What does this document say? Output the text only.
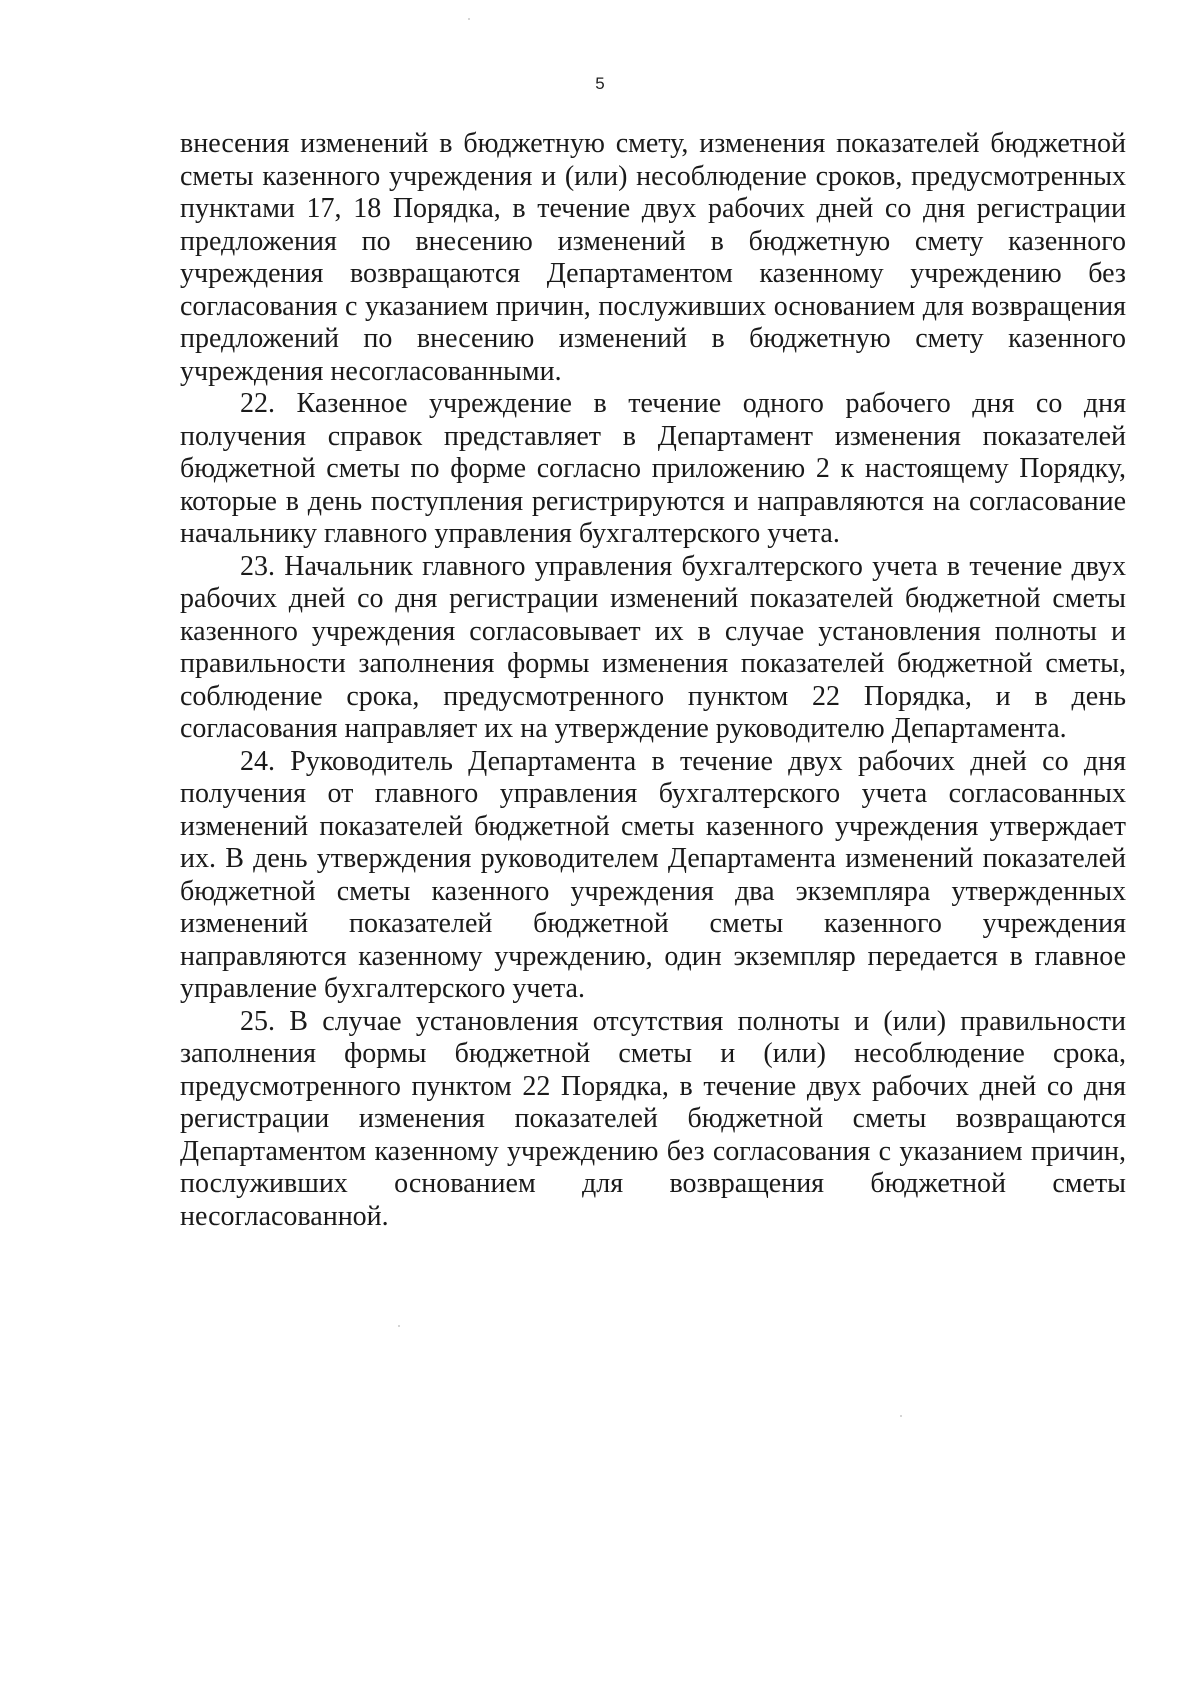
5

внесения изменений в бюджетную смету, изменения показателей бюджетной сметы казенного учреждения и (или) несоблюдение сроков, предусмотренных пунктами 17, 18 Порядка, в течение двух рабочих дней со дня регистрации предложения по внесению изменений в бюджетную смету казенного учреждения возвращаются Департаментом казенному учреждению без согласования с указанием причин, послуживших основанием для возвращения предложений по внесению изменений в бюджетную смету казенного учреждения несогласованными.

22. Казенное учреждение в течение одного рабочего дня со дня получения справок представляет в Департамент изменения показателей бюджетной сметы по форме согласно приложению 2 к настоящему Порядку, которые в день поступления регистрируются и направляются на согласование начальнику главного управления бухгалтерского учета.

23. Начальник главного управления бухгалтерского учета в течение двух рабочих дней со дня регистрации изменений показателей бюджетной сметы казенного учреждения согласовывает их в случае установления полноты и правильности заполнения формы изменения показателей бюджетной сметы, соблюдение срока, предусмотренного пунктом 22 Порядка, и в день согласования направляет их на утверждение руководителю Департамента.

24. Руководитель Департамента в течение двух рабочих дней со дня получения от главного управления бухгалтерского учета согласованных изменений показателей бюджетной сметы казенного учреждения утверждает их. В день утверждения руководителем Департамента изменений показателей бюджетной сметы казенного учреждения два экземпляра утвержденных изменений показателей бюджетной сметы казенного учреждения направляются казенному учреждению, один экземпляр передается в главное управление бухгалтерского учета.

25. В случае установления отсутствия полноты и (или) правильности заполнения формы бюджетной сметы и (или) несоблюдение срока, предусмотренного пунктом 22 Порядка, в течение двух рабочих дней со дня регистрации изменения показателей бюджетной сметы возвращаются Департаментом казенному учреждению без согласования с указанием причин, послуживших основанием для возвращения бюджетной сметы несогласованной.
